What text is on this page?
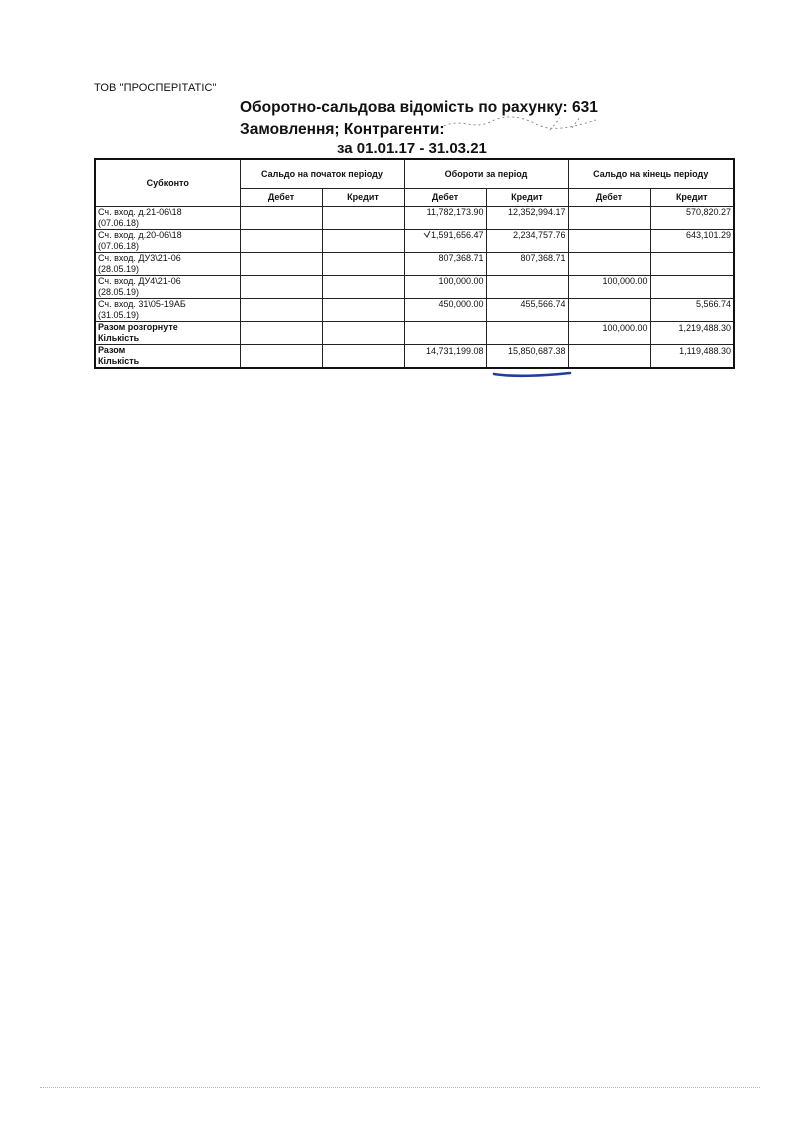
ТОВ "ПРОСПЕРІТАТІС"
Оборотно-сальдова відомість по рахунку: 631
Замовлення; Контрагенти:
за 01.01.17 - 31.03.21
Субконто	Сальдо на початок періоду		Обороти за період		Сальдо на кінець періоду	
	Дебет	Кредит	Дебет	Кредит	Дебет	Кредит
Сч. вход. д.21-06\18
(07.06.18)			11,782,173.90	12,352,994.17		570,820.27
Сч. вход. д.20-06\18
(07.06.18)			1,591,656.47	2,234,757.76		643,101.29
Сч. вход. ДУ3\21-06
(28.05.19)			807,368.71	807,368.71		
Сч. вход. ДУ4\21-06
(28.05.19)			100,000.00		100,000.00	
Сч. вход. 31\05-19АБ
(31.05.19)			450,000.00	455,566.74		5,566.74
Разом розгорнуте
Кількість					100,000.00	1,219,488.30
Разом
Кількість			14,731,199.08	15,850,687.38		1,119,488.30
